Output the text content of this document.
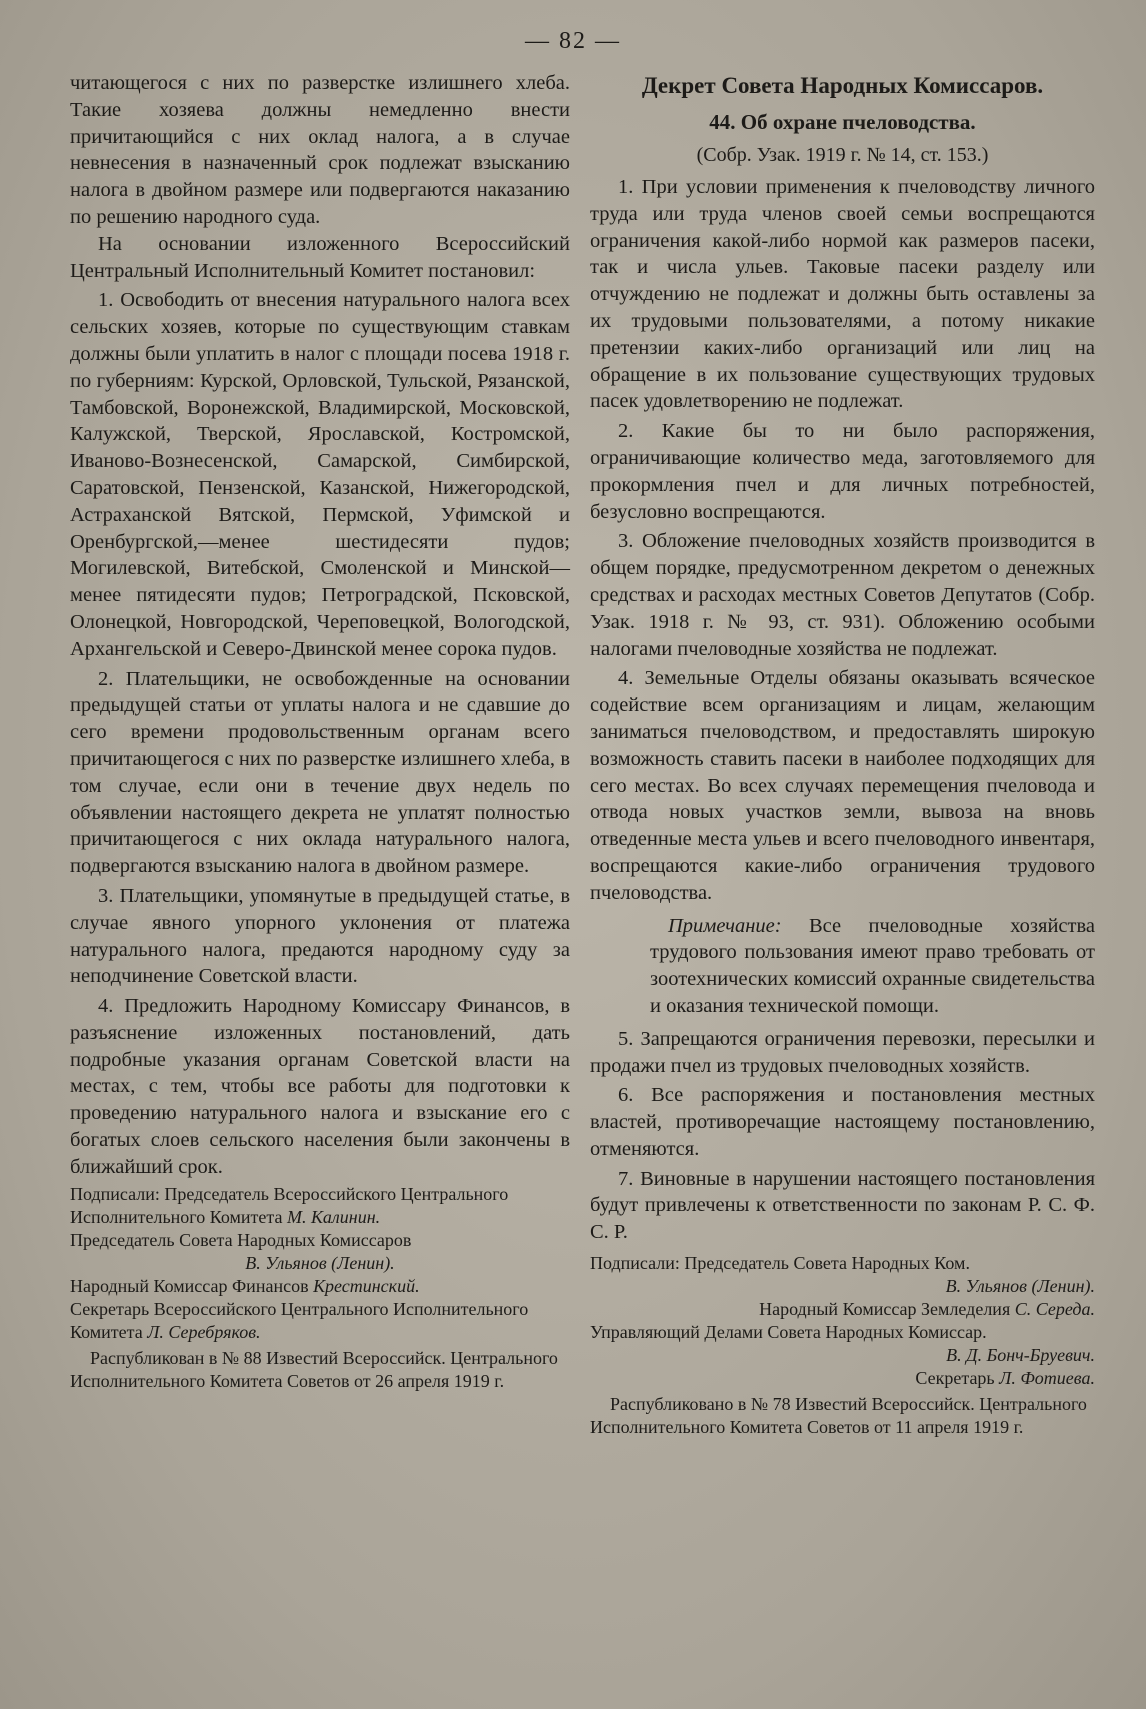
— 82 —

читающегося с них по разверстке излишнего хлеба. Такие хозяева должны немедленно внести причитающийся с них оклад налога, а в случае невнесения в назначенный срок подлежат взысканию налога в двойном размере или подвергаются наказанию по решению народного суда.

На основании изложенного Всероссийский Центральный Исполнительный Комитет постановил:

1. Освободить от внесения натурального налога всех сельских хозяев, которые по существующим ставкам должны были уплатить в налог с площади посева 1918 г. по губерниям: Курской, Орловской, Тульской, Рязанской, Тамбовской, Воронежской, Владимирской, Московской, Калужской, Тверской, Ярославской, Костромской, Иваново-Вознесенской, Самарской, Симбирской, Саратовской, Пензенской, Казанской, Нижегородской, Астраханской Вятской, Пермской, Уфимской и Оренбургской,—менее шестидесяти пудов; Могилевской, Витебской, Смоленской и Минской—менее пятидесяти пудов; Петроградской, Псковской, Олонецкой, Новгородской, Череповецкой, Вологодской, Архангельской и Северо-Двинской менее сорока пудов.

2. Плательщики, не освобожденные на основании предыдущей статьи от уплаты налога и не сдавшие до сего времени продовольственным органам всего причитающегося с них по разверстке излишнего хлеба, в том случае, если они в течение двух недель по объявлении настоящего декрета не уплатят полностью причитающегося с них оклада натурального налога, подвергаются взысканию налога в двойном размере.

3. Плательщики, упомянутые в предыдущей статье, в случае явного упорного уклонения от платежа натурального налога, предаются народному суду за неподчинение Советской власти.

4. Предложить Народному Комиссару Финансов, в разъяснение изложенных постановлений, дать подробные указания органам Советской власти на местах, с тем, чтобы все работы для подготовки к проведению натурального налога и взыскание его с богатых слоев сельского населения были закончены в ближайший срок.

Подписали: Председатель Всероссийского Центрального Исполнительного Комитета М. Калинин.
Председатель Совета Народных Комиссаров
В. Ульянов (Ленин).
Народный Комиссар Финансов Крестинский.
Секретарь Всероссийского Центрального Исполнительного Комитета Л. Серебряков.
Распубликован в № 88 Известий Всероссийск. Центрального Исполнительного Комитета Советов от 26 апреля 1919 г.
Декрет Совета Народных Комиссаров.
44. Об охране пчеловодства.
(Собр. Узак. 1919 г. № 14, ст. 153.)

1. При условии применения к пчеловодству личного труда или труда членов своей семьи воспрещаются ограничения какой-либо нормой как размеров пасеки, так и числа ульев. Таковые пасеки разделу или отчуждению не подлежат и должны быть оставлены за их трудовыми пользователями, а потому никакие претензии каких-либо организаций или лиц на обращение в их пользование существующих трудовых пасек удовлетворению не подлежат.

2. Какие бы то ни было распоряжения, ограничивающие количество меда, заготовляемого для прокормления пчел и для личных потребностей, безусловно воспрещаются.

3. Обложение пчеловодных хозяйств производится в общем порядке, предусмотренном декретом о денежных средствах и расходах местных Советов Депутатов (Собр. Узак. 1918 г. № 93, ст. 931). Обложению особыми налогами пчеловодные хозяйства не подлежат.

4. Земельные Отделы обязаны оказывать всяческое содействие всем организациям и лицам, желающим заниматься пчеловодством, и предоставлять широкую возможность ставить пасеки в наиболее подходящих для сего местах. Во всех случаях перемещения пчеловода и отвода новых участков земли, вывоза на вновь отведенные места ульев и всего пчеловодного инвентаря, воспрещаются какие-либо ограничения трудового пчеловодства.

Примечание: Все пчеловодные хозяйства трудового пользования имеют право требовать от зоотехнических комиссий охранные свидетельства и оказания технической помощи.

5. Запрещаются ограничения перевозки, пересылки и продажи пчел из трудовых пчеловодных хозяйств.

6. Все распоряжения и постановления местных властей, противоречащие настоящему постановлению, отменяются.

7. Виновные в нарушении настоящего постановления будут привлечены к ответственности по законам Р. С. Ф. С. Р.

Подписали: Председатель Совета Народных Ком.
В. Ульянов (Ленин).
Народный Комиссар Земледелия С. Середа.
Управляющий Делами Совета Народных Комиссар.
В. Д. Бонч-Бруевич.
Секретарь Л. Фотиева.
Распубликовано в № 78 Известий Всероссийск. Центрального Исполнительного Комитета Советов от 11 апреля 1919 г.
